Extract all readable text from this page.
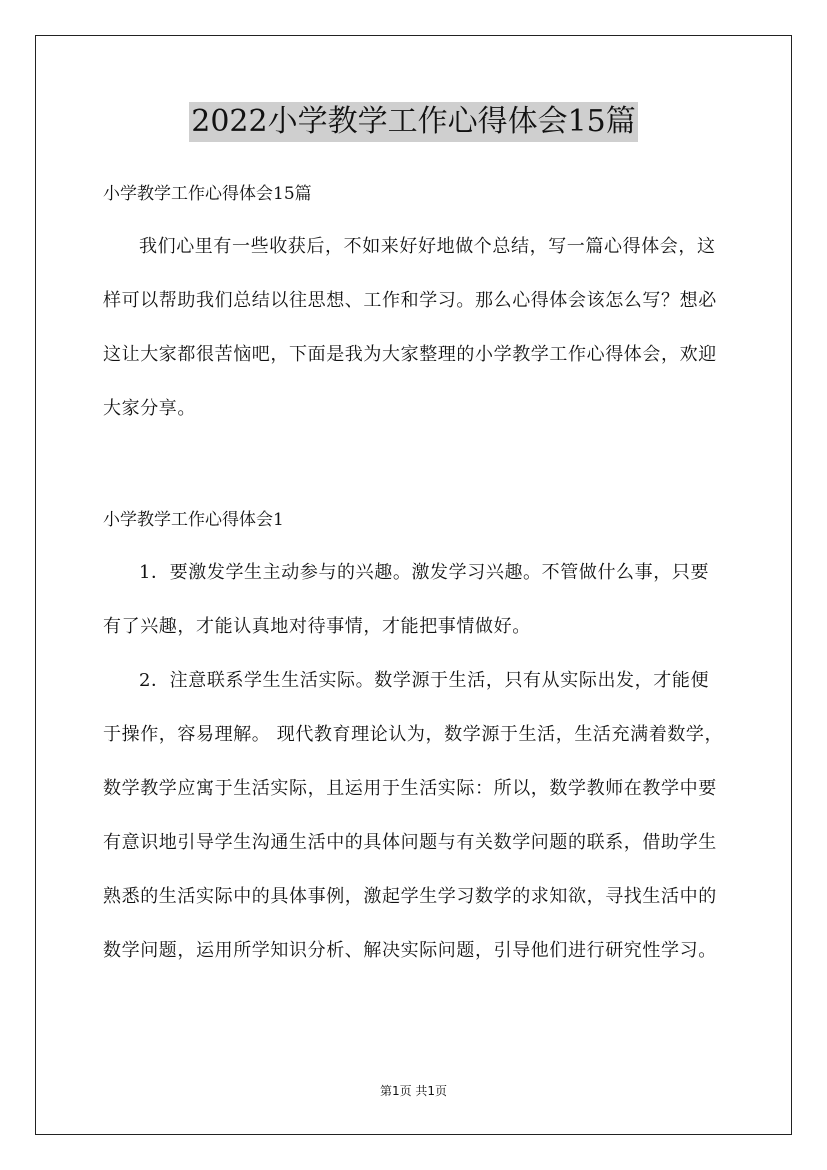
2022小学教学工作心得体会15篇
小学教学工作心得体会15篇

我们心里有一些收获后，不如来好好地做个总结，写一篇心得体会，这样可以帮助我们总结以往思想、工作和学习。那么心得体会该怎么写？想必这让大家都很苦恼吧，下面是我为大家整理的小学教学工作心得体会，欢迎大家分享。

小学教学工作心得体会1

1．要激发学生主动参与的兴趣。激发学习兴趣。不管做什么事，只要有了兴趣，才能认真地对待事情，才能把事情做好。

2．注意联系学生生活实际。数学源于生活，只有从实际出发，才能便于操作，容易理解。 现代教育理论认为，数学源于生活，生活充满着数学，数学教学应寓于生活实际，且运用于生活实际：所以，数学教师在教学中要有意识地引导学生沟通生活中的具体问题与有关数学问题的联系，借助学生熟悉的生活实际中的具体事例，激起学生学习数学的求知欲，寻找生活中的数学问题，运用所学知识分析、解决实际问题，引导他们进行研究性学习。

第1页 共1页
